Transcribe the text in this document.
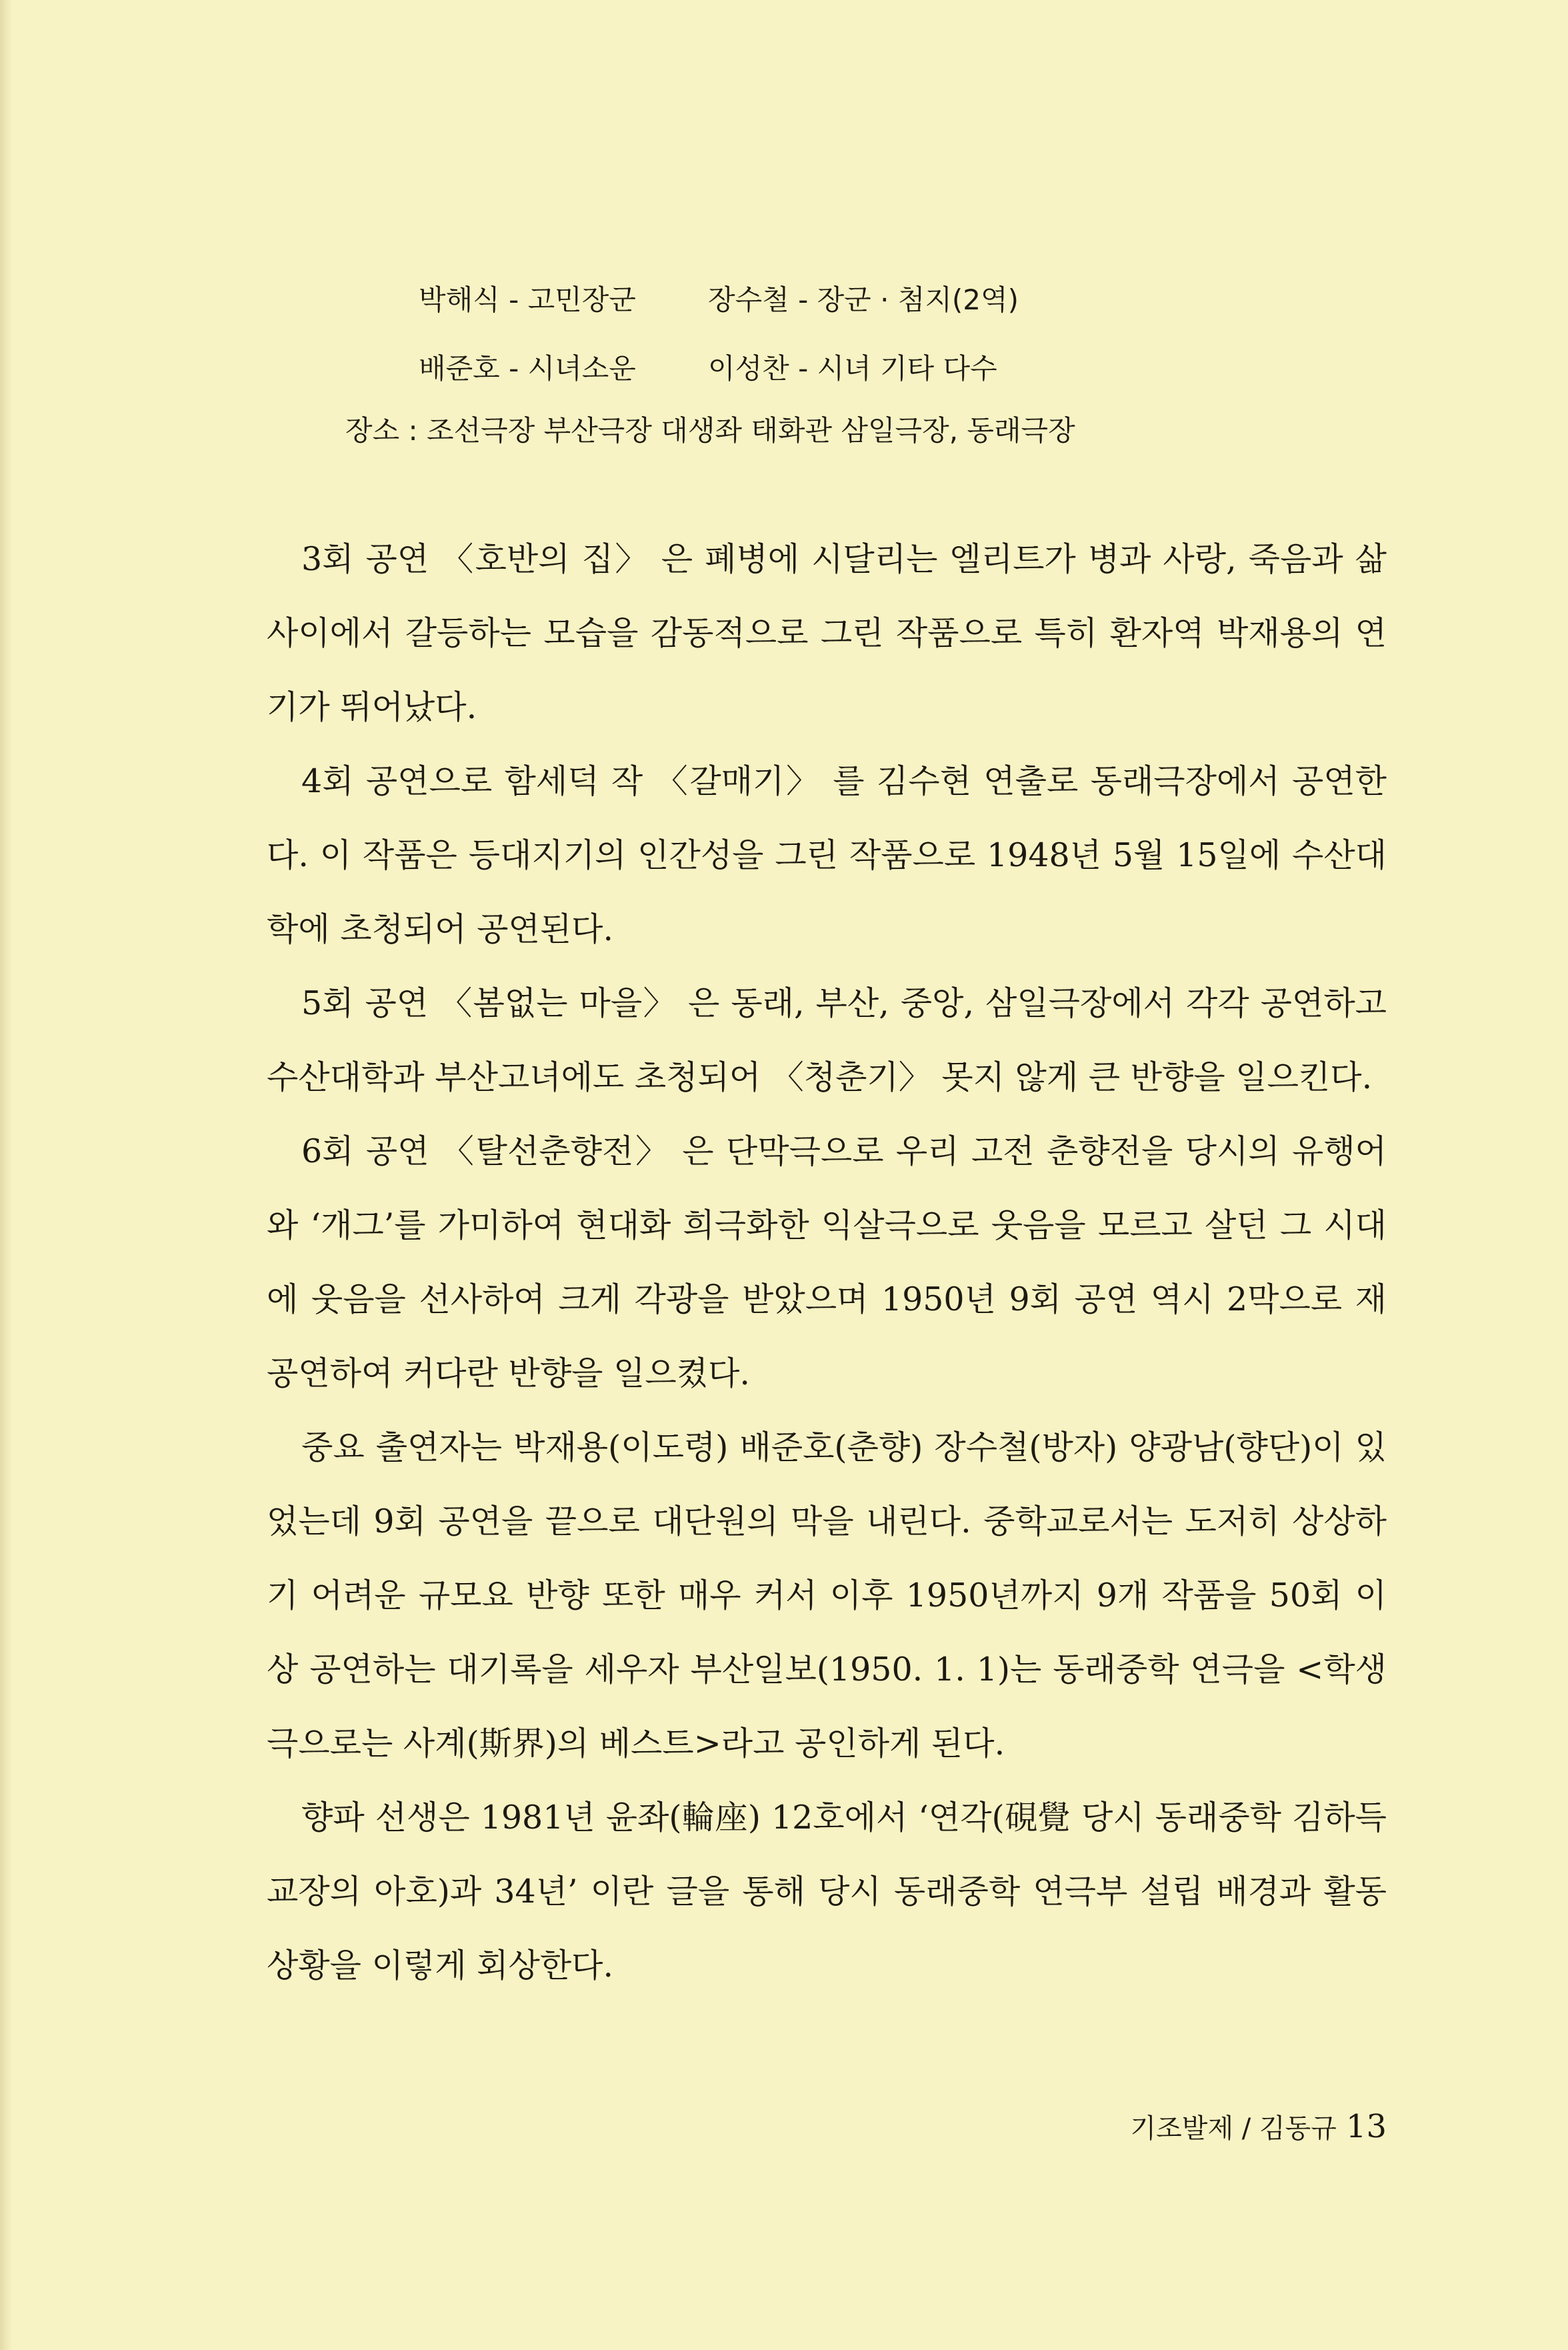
박해식 - 고민장군	장수철 - 장군 · 첨지(2역)
배준호 - 시녀소운	이성찬 - 시녀 기타 다수
장소 : 조선극장 부산극장 대생좌 태화관 삼일극장, 동래극장

3회 공연 〈호반의 집〉 은 폐병에 시달리는 엘리트가 병과 사랑, 죽음과 삶 사이에서 갈등하는 모습을 감동적으로 그린 작품으로 특히 환자역 박재용의 연기가 뛰어났다.

4회 공연으로 함세덕 작 〈갈매기〉 를 김수현 연출로 동래극장에서 공연한다. 이 작품은 등대지기의 인간성을 그린 작품으로 1948년 5월 15일에 수산대학에 초청되어 공연된다.

5회 공연 〈봄없는 마을〉 은 동래, 부산, 중앙, 삼일극장에서 각각 공연하고 수산대학과 부산고녀에도 초청되어 〈청춘기〉 못지 않게 큰 반향을 일으킨다.

6회 공연 〈탈선춘향전〉 은 단막극으로 우리 고전 춘향전을 당시의 유행어와 ‘개그’를 가미하여 현대화 희극화한 익살극으로 웃음을 모르고 살던 그 시대에 웃음을 선사하여 크게 각광을 받았으며 1950년 9회 공연 역시 2막으로 재공연하여 커다란 반향을 일으켰다.

중요 출연자는 박재용(이도령) 배준호(춘향) 장수철(방자) 양광남(향단)이 있었는데 9회 공연을 끝으로 대단원의 막을 내린다. 중학교로서는 도저히 상상하기 어려운 규모요 반향 또한 매우 커서 이후 1950년까지 9개 작품을 50회 이상 공연하는 대기록을 세우자 부산일보(1950. 1. 1)는 동래중학 연극을 <학생극으로는 사계(斯界)의 베스트>라고 공인하게 된다.

향파 선생은 1981년 윤좌(輪座) 12호에서 ‘연각(硯覺 당시 동래중학 김하득 교장의 아호)과 34년’ 이란 글을 통해 당시 동래중학 연극부 설립 배경과 활동 상황을 이렇게 회상한다.

기조발제 / 김동규 13
